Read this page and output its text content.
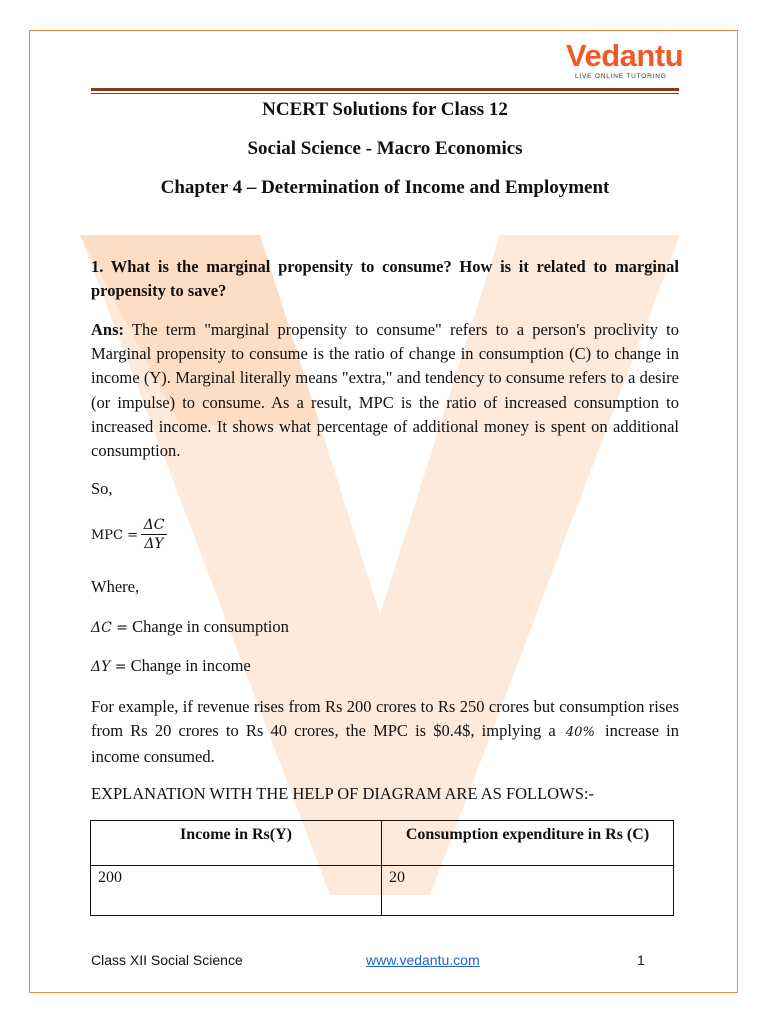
Vedantu
LIVE ONLINE TUTORING
NCERT Solutions for Class 12
Social Science - Macro Economics
Chapter 4 – Determination of Income and Employment

1. What is the marginal propensity to consume? How is it related to marginal propensity to save?

Ans: The term "marginal propensity to consume" refers to a person's proclivity to Marginal propensity to consume is the ratio of change in consumption (C) to change in income (Y). Marginal literally means "extra," and tendency to consume refers to a desire (or impulse) to consume. As a result, MPC is the ratio of increased consumption to increased income. It shows what percentage of additional money is spent on additional consumption.

So,

MPC =
ΔC
ΔY

Where,

ΔC = Change in consumption

ΔY = Change in income

For example, if revenue rises from Rs 200 crores to Rs 250 crores but consumption rises from Rs 20 crores to Rs 40 crores, the MPC is $0.4$, implying a 40% increase in income consumed.

EXPLANATION WITH THE HELP OF DIAGRAM ARE AS FOLLOWS:-

Income in Rs(Y)	Consumption expenditure in Rs (C)
200	20
Class XII Social Science	www.vedantu.com	1
